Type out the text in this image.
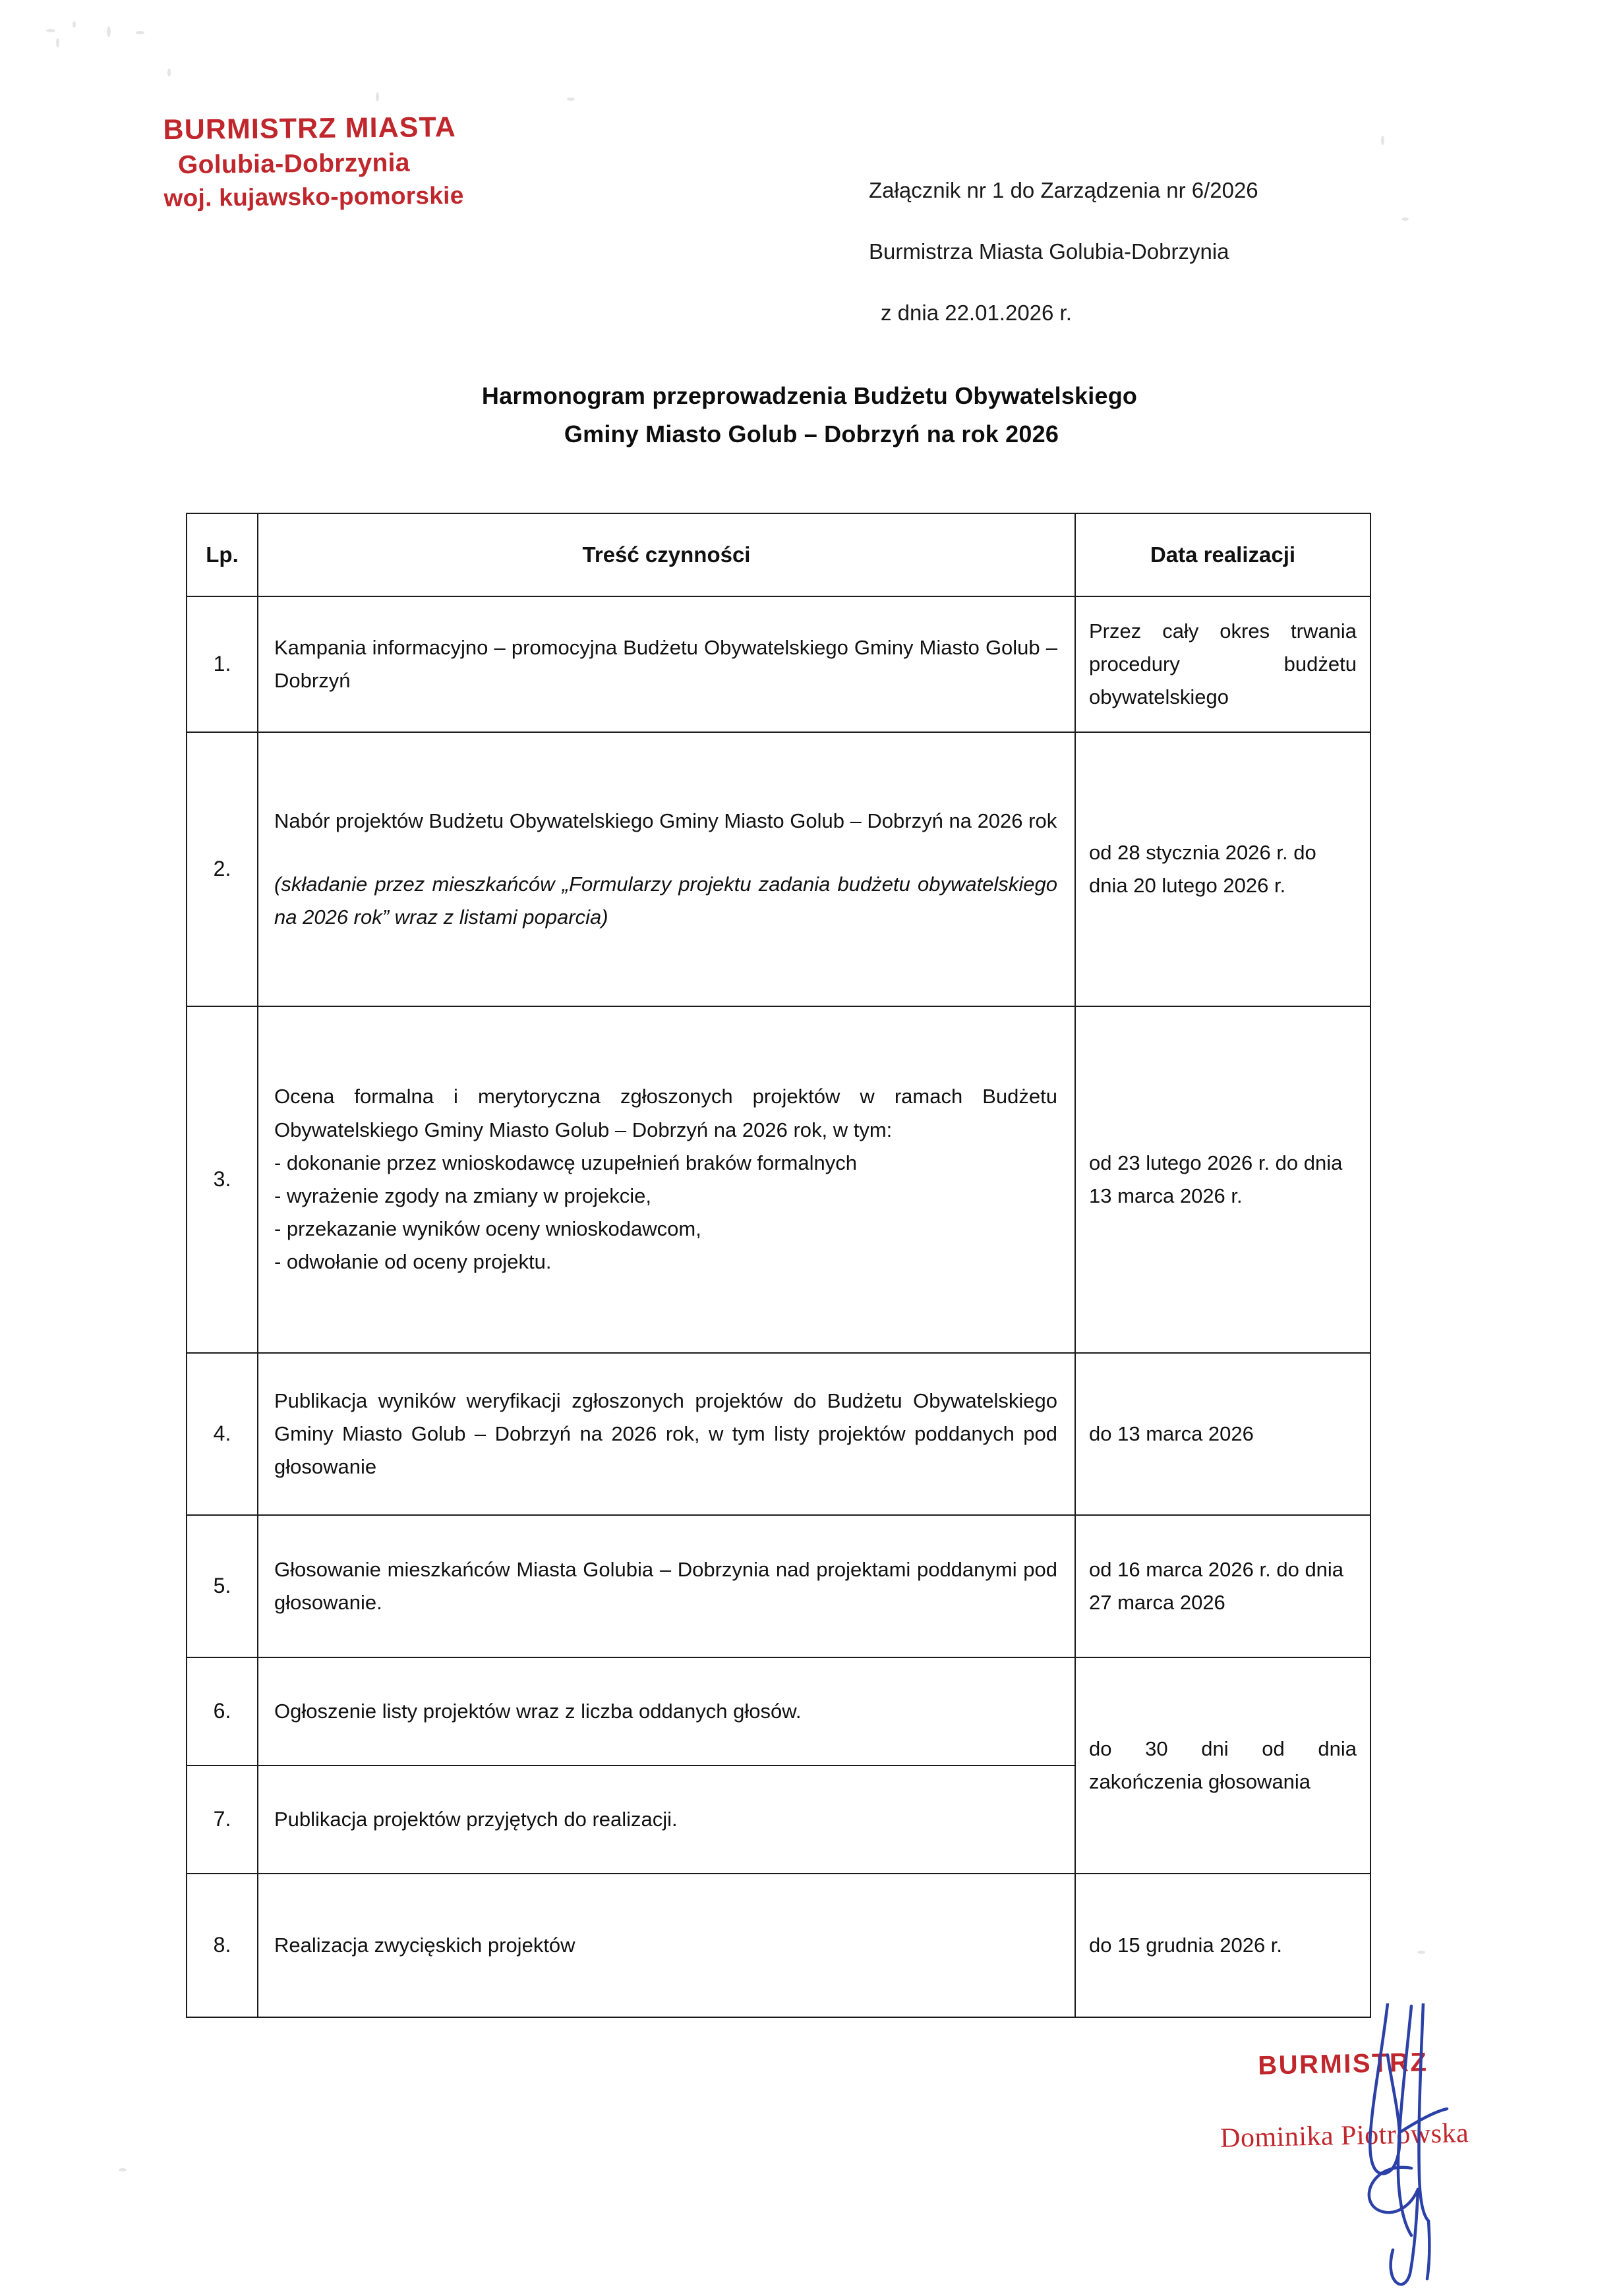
BURMISTRZ MIASTA
Golubia-Dobrzynia
woj. kujawsko-pomorskie	Załącznik nr 1 do Zarządzenia nr 6/2026
Burmistrza Miasta Golubia-Dobrzynia
z dnia 22.01.2026 r.
Harmonogram przeprowadzenia Budżetu Obywatelskiego
Gminy Miasto Golub – Dobrzyń na rok 2026
Lp.	Treść czynności	Data realizacji
1.	Kampania informacyjno – promocyjna Budżetu Obywatelskiego Gminy Miasto Golub – Dobrzyń	Przez cały okres trwania procedury budżetu obywatelskiego
2.	Nabór projektów Budżetu Obywatelskiego Gminy Miasto Golub – Dobrzyń na 2026 rok

(składanie przez mieszkańców „Formularzy projektu zadania budżetu obywatelskiego na 2026 rok” wraz z listami poparcia)	od 28 stycznia 2026 r. do dnia 20 lutego 2026 r.
3.	Ocena formalna i merytoryczna zgłoszonych projektów w ramach Budżetu Obywatelskiego Gminy Miasto Golub – Dobrzyń na 2026 rok, w tym:

- dokonanie przez wnioskodawcę uzupełnień braków formalnych

- wyrażenie zgody na zmiany w projekcie,

- przekazanie wyników oceny wnioskodawcom,

- odwołanie od oceny projektu.	od 23 lutego 2026 r. do dnia 13 marca 2026 r.
4.	Publikacja wyników weryfikacji zgłoszonych projektów do Budżetu Obywatelskiego Gminy Miasto Golub – Dobrzyń na 2026 rok, w tym listy projektów poddanych pod głosowanie	do 13 marca 2026
5.	Głosowanie mieszkańców Miasta Golubia – Dobrzynia nad projektami poddanymi pod głosowanie.	od 16 marca 2026 r. do dnia 27 marca 2026
6.	Ogłoszenie listy projektów wraz z liczba oddanych głosów.	do 30 dni od dnia zakończenia głosowania
7.	Publikacja projektów przyjętych do realizacji.	
8.	Realizacja zwycięskich projektów	do 15 grudnia 2026 r.
BURMISTRZ
Dominika Piotrowska
